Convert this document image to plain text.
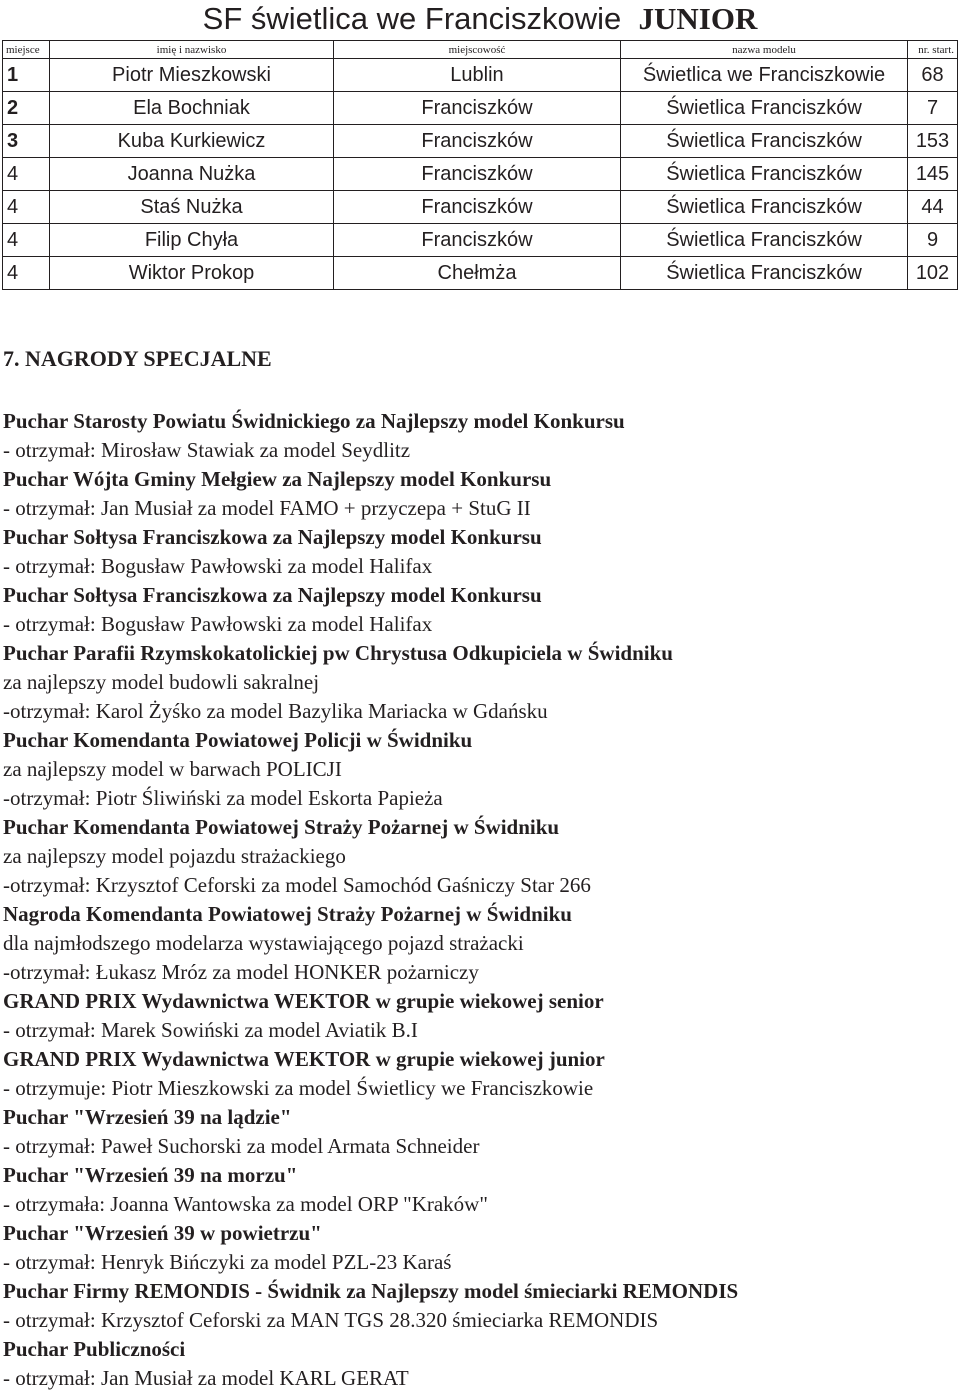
SF świetlica we Franciszkowie JUNIOR
miejsce	imię i nazwisko	miejscowość	nazwa modelu	nr. start.
1	Piotr Mieszkowski	Lublin	Świetlica we Franciszkowie	68
2	Ela Bochniak	Franciszków	Świetlica Franciszków	7
3	Kuba Kurkiewicz	Franciszków	Świetlica Franciszków	153
4	Joanna Nużka	Franciszków	Świetlica Franciszków	145
4	Staś Nużka	Franciszków	Świetlica Franciszków	44
4	Filip Chyła	Franciszków	Świetlica Franciszków	9
4	Wiktor Prokop	Chełmża	Świetlica Franciszków	102
7. NAGRODY SPECJALNE
Puchar Starosty Powiatu Świdnickiego za Najlepszy model Konkursu
- otrzymał: Mirosław Stawiak za model Seydlitz
Puchar Wójta Gminy Mełgiew za Najlepszy model Konkursu
- otrzymał: Jan Musiał za model FAMO + przyczepa + StuG II
Puchar Sołtysa Franciszkowa za Najlepszy model Konkursu
- otrzymał: Bogusław Pawłowski za model Halifax
Puchar Sołtysa Franciszkowa za Najlepszy model Konkursu
- otrzymał: Bogusław Pawłowski za model Halifax
Puchar Parafii Rzymskokatolickiej pw Chrystusa Odkupiciela w Świdniku
za najlepszy model budowli sakralnej
-otrzymał: Karol Żyśko za model Bazylika Mariacka w Gdańsku
Puchar Komendanta Powiatowej Policji w Świdniku
za najlepszy model w barwach POLICJI
-otrzymał: Piotr Śliwiński za model Eskorta Papieża
Puchar Komendanta Powiatowej Straży Pożarnej w Świdniku
za najlepszy model pojazdu strażackiego
-otrzymał: Krzysztof Ceforski za model Samochód Gaśniczy Star 266
Nagroda Komendanta Powiatowej Straży Pożarnej w Świdniku
dla najmłodszego modelarza wystawiającego pojazd strażacki
-otrzymał: Łukasz Mróz za model HONKER pożarniczy
GRAND PRIX Wydawnictwa WEKTOR w grupie wiekowej senior
- otrzymał: Marek Sowiński za model Aviatik B.I
GRAND PRIX Wydawnictwa WEKTOR w grupie wiekowej junior
- otrzymuje: Piotr Mieszkowski za model Świetlicy we Franciszkowie
Puchar "Wrzesień 39 na lądzie"
- otrzymał: Paweł Suchorski za model Armata Schneider
Puchar "Wrzesień 39 na morzu"
- otrzymała: Joanna Wantowska za model ORP "Kraków"
Puchar "Wrzesień 39 w powietrzu"
- otrzymał: Henryk Bińczyki za model PZL-23 Karaś
Puchar Firmy REMONDIS - Świdnik za Najlepszy model śmieciarki REMONDIS
- otrzymał: Krzysztof Ceforski za MAN TGS 28.320 śmieciarka REMONDIS
Puchar Publiczności
- otrzymał: Jan Musiał za model KARL GERAT
